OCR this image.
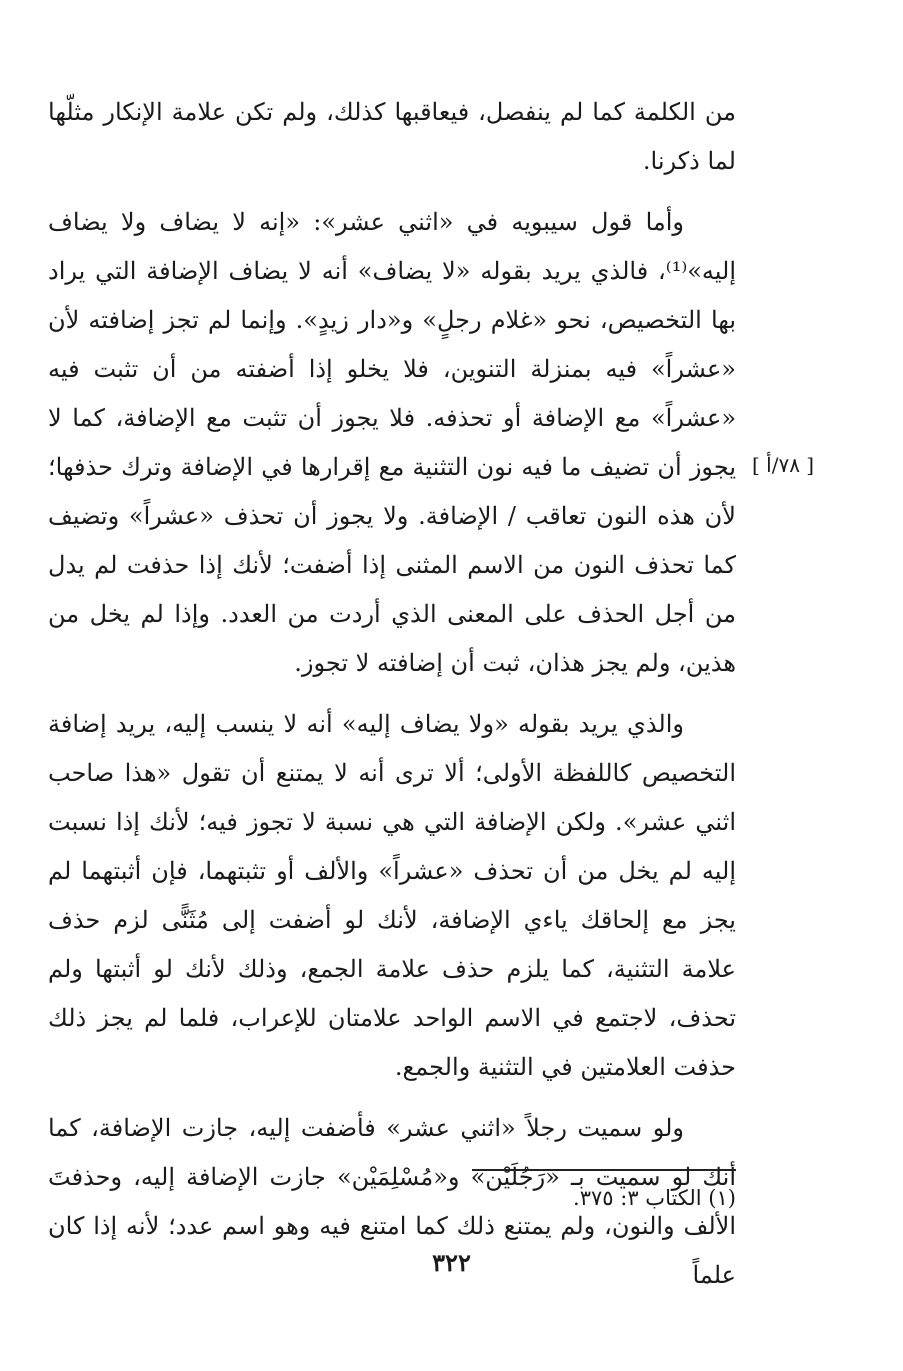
من الكلمة كما لم ينفصل، فيعاقبها كذلك، ولم تكن علامة الإنكار مثلّها لما ذكرنا.

وأما قول سيبويه في «اثني عشر»: «إنه لا يضاف ولا يضاف إليه»⁽¹⁾، فالذي يريد بقوله «لا يضاف» أنه لا يضاف الإضافة التي يراد بها التخصيص، نحو «غلام رجلٍ» و«دار زيدٍ». وإنما لم تجز إضافته لأن «عشراً» فيه بمنزلة التنوين، فلا يخلو إذا أضفته من أن تثبت فيه «عشراً» مع الإضافة أو تحذفه. فلا يجوز أن تثبت مع الإضافة، كما لا يجوز أن تضيف ما فيه نون التثنية مع إقرارها في الإضافة وترك حذفها؛ لأن هذه النون تعاقب / الإضافة. ولا يجوز أن تحذف «عشراً» وتضيف كما تحذف النون من الاسم المثنى إذا أضفت؛ لأنك إذا حذفت لم يدل من أجل الحذف على المعنى الذي أردت من العدد. وإذا لم يخل من هذين، ولم يجز هذان، ثبت أن إضافته لا تجوز.

والذي يريد بقوله «ولا يضاف إليه» أنه لا ينسب إليه، يريد إضافة التخصيص كاللفظة الأولى؛ ألا ترى أنه لا يمتنع أن تقول «هذا صاحب اثني عشر». ولكن الإضافة التي هي نسبة لا تجوز فيه؛ لأنك إذا نسبت إليه لم يخل من أن تحذف «عشراً» والألف أو تثبتهما، فإن أثبتهما لم يجز مع إلحاقك ياءي الإضافة، لأنك لو أضفت إلى مُثَنًّى لزم حذف علامة التثنية، كما يلزم حذف علامة الجمع، وذلك لأنك لو أثبتها ولم تحذف، لاجتمع في الاسم الواحد علامتان للإعراب، فلما لم يجز ذلك حذفت العلامتين في التثنية والجمع.

ولو سميت رجلاً «اثني عشر» فأضفت إليه، جازت الإضافة، كما أنك لو سميت بـ «رَجُلَيْن» و«مُسْلِمَيْن» جازت الإضافة إليه، وحذفتَ الألف والنون، ولم يمتنع ذلك كما امتنع فيه وهو اسم عدد؛ لأنه إذا كان علماً

[ ٧٨/أ ]
(١) الكتاب ٣: ٣٧٥.
٣٢٢
